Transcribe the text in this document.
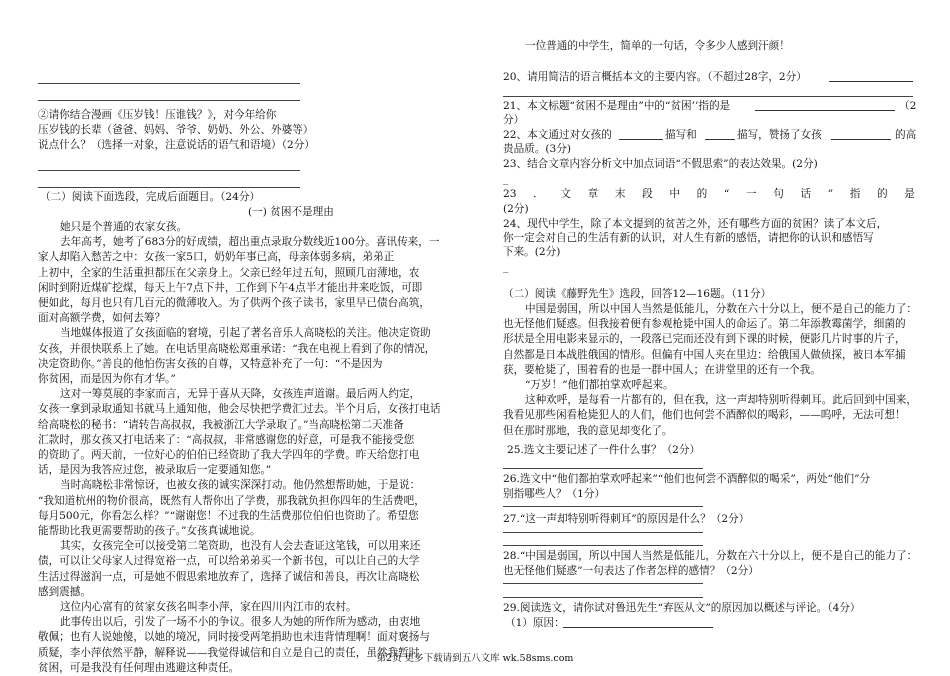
②请你结合漫画《压岁钱！压谁钱？》，对今年给你

压岁钱的长辈（爸爸、妈妈、爷爷、奶奶、外公、外婆等）

说点什么？（选择一对象，注意说话的语气和语境）（2分）

（二）阅读下面选段，完成后面题目。（24分）

(一) 贫困不是理由

她只是个普通的农家女孩。

去年高考，她考了683分的好成绩，超出重点录取分数线近100分。喜讯传来，一

家人却陷入愁苦之中：女孩一家5口，奶奶年事已高，母亲体弱多病，弟弟正

上初中，全家的生活重担都压在父亲身上。父亲已经年过五旬，照顾几亩薄地，农

闲时到附近煤矿挖煤，每天上午7点下井，工作到下午4点半才能出井来吃饭，可即

便如此，每月也只有几百元的微薄收入。为了供两个孩子读书，家里早已债台高筑，

面对高额学费，如何去筹？

当地媒体报道了女孩面临的窘境，引起了著名音乐人高晓松的关注。他决定资助

女孩，并很快联系上了她。在电话里高晓松郑重承诺：“我在电视上看到了你的情况，

决定资助你。”善良的他怕伤害女孩的自尊，又特意补充了一句：“不是因为

你贫困，而是因为你有才华。”

这对一筹莫展的李家而言，无异于喜从天降，女孩连声道谢。最后两人约定，

女孩一拿到录取通知书就马上通知他，他会尽快把学费汇过去。半个月后，女孩打电话

给高晓松的秘书：“请转告高叔叔，我被浙江大学录取了。”当高晓松第二天准备

汇款时，那女孩又打电话来了：“高叔叔，非常感谢您的好意，可是我不能接受您

的资助了。两天前，一位好心的伯伯已经资助了我大学四年的学费。昨天给您打电

话，是因为我答应过您，被录取后一定要通知您。”

当时高晓松非常惊讶，也被女孩的诚实深深打动。他仍然想帮助她，于是说：

“我知道杭州的物价很高，既然有人帮你出了学费，那我就负担你四年的生活费吧，

每月500元，你看怎么样？”“谢谢您！不过我的生活费那位伯伯也资助了。希望您

能帮助比我更需要帮助的孩子。”女孩真诚地说。

其实，女孩完全可以接受第二笔资助，也没有人会去查证这笔钱，可以用来还

债，可以让父母家人过得宽裕一点，可以给弟弟买一个新书包，可以让自己的大学

生活过得滋润一点，可是她不假思索地放弃了，选择了诚信和善良，再次让高晓松

感到震撼。

这位内心富有的贫家女孩名叫李小萍，家在四川内江市的农村。

此事传出以后，引发了一场不小的争议。很多人为她的所作所为感动，由衷地

敬佩；也有人说她傻，以她的境况，同时接受两笔捐助也未违背情理啊！面对褒扬与

质疑，李小萍依然平静，解释说——我觉得诚信和自立是自己的责任，虽然我暂时

贫困，可是我没有任何理由逃避这种责任。

一位普通的中学生，简单的一句话，令多少人感到汗颜！

20、请用简洁的语言概括本文的主要内容。（不超过28字，2分）

21、本文标题“贫困不是理由”中的“贫困’’指的是	（2

分）

22、本文通过对女孩的	描写和	描写，赞扬了女孩	的高

贵品质。(3分)

23、结合文章内容分析文中加点词语“不假思索”的表达效果。(2分)

_

23 ． 文 章 末 段 中 的 “ 一 句 话 ” 指 的 是

(2分)

24、现代中学生，除了本文提到的贫苦之外，还有哪些方面的贫困？读了本文后，

你一定会对自己的生活有新的认识，对人生有新的感悟，请把你的认识和感悟写

下来。(2分)

_

（二）阅读《藤野先生》选段，回答12—16题。（11分）

中国是弱国，所以中国人当然是低能儿，分数在六十分以上，便不是自己的能力了：

也无怪他们疑惑。但我接着便有参观枪毙中国人的命运了。第二年添教霉菌学，细菌的

形状是全用电影来显示的，一段落已完而还没有到下课的时候，便影几片时事的片子，

自然都是日本战胜俄国的情形。但偏有中国人夹在里边：给俄国人做侦探，被日本军捕

获，要枪毙了，围着看的也是一群中国人；在讲堂里的还有一个我。

“万岁！”他们都拍掌欢呼起来。

这种欢呼，是每看一片都有的，但在我，这一声却特别听得刺耳。此后回到中国来，

我看见那些闲看枪毙犯人的人们，他们也何尝不酒醉似的喝彩，——呜呼，无法可想！

但在那时那地，我的意见却变化了。

25.选文主要记述了一件什么事？（2分）

26.选文中“他们都拍掌欢呼起来”“他们也何尝不酒醉似的喝采”，两处“他们”分

别指哪些人？（1分）

27.“这一声却特别听得刺耳”的原因是什么？（2分）

28.“中国是弱国，所以中国人当然是低能儿，分数在六十分以上，便不是自己的能力了：

也无怪他们疑惑”一句表达了作者怎样的感情？（2分）

29.阅读选文，请你试对鲁迅先生“弃医从文”的原因加以概述与评论。（4分）

（1）原因：

第2页 更多下载请到五八文库 wk.58sms.com
